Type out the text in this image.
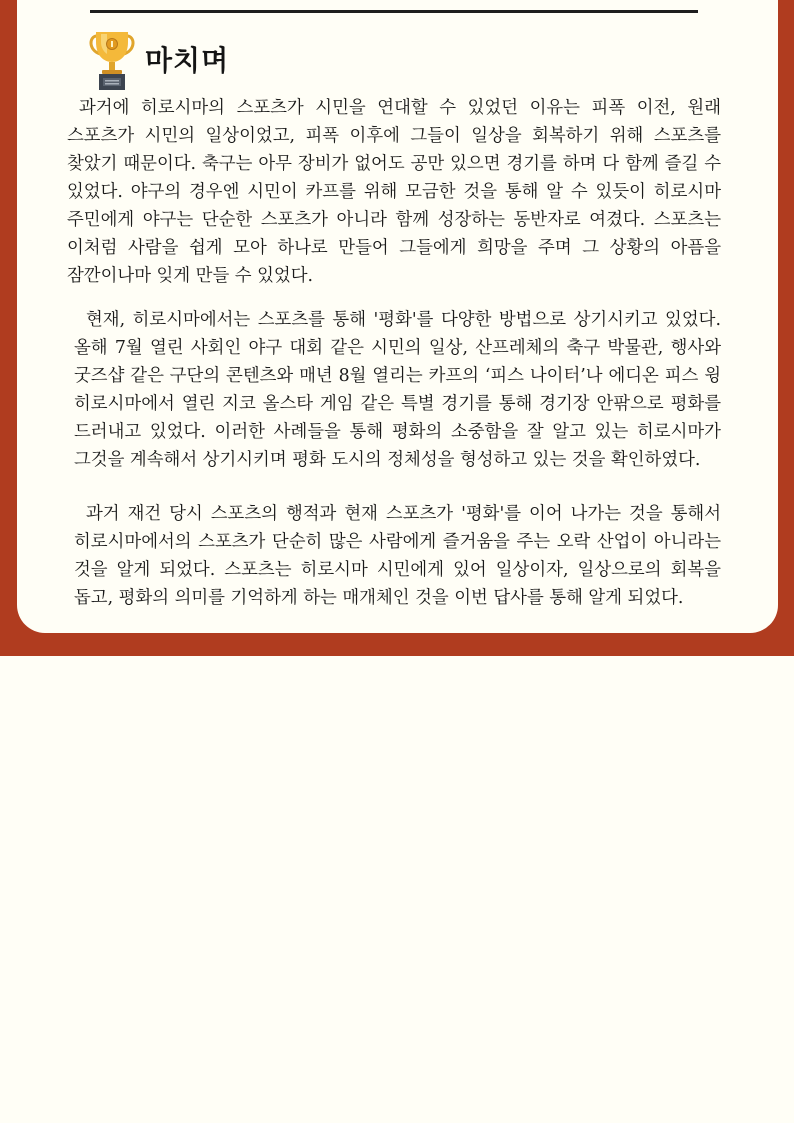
마치며

과거에 히로시마의 스포츠가 시민을 연대할 수 있었던 이유는 피폭 이전, 원래 스포츠가 시민의 일상이었고, 피폭 이후에 그들이 일상을 회복하기 위해 스포츠를 찾았기 때문이다. 축구는 아무 장비가 없어도 공만 있으면 경기를 하며 다 함께 즐길 수 있었다. 야구의 경우엔 시민이 카프를 위해 모금한 것을 통해 알 수 있듯이 히로시마 주민에게 야구는 단순한 스포츠가 아니라 함께 성장하는 동반자로 여겼다. 스포츠는 이처럼 사람을 쉽게 모아 하나로 만들어 그들에게 희망을 주며 그 상황의 아픔을 잠깐이나마 잊게 만들 수 있었다.

현재, 히로시마에서는 스포츠를 통해 '평화'를 다양한 방법으로 상기시키고 있었다. 올해 7월 열린 사회인 야구 대회 같은 시민의 일상, 산프레체의 축구 박물관, 행사와 굿즈샵 같은 구단의 콘텐츠와 매년 8월 열리는 카프의 ‘피스 나이터’나 에디온 피스 윙 히로시마에서 열린 지코 올스타 게임 같은 특별 경기를 통해 경기장 안팎으로 평화를 드러내고 있었다. 이러한 사례들을 통해 평화의 소중함을 잘 알고 있는 히로시마가 그것을 계속해서 상기시키며 평화 도시의 정체성을 형성하고 있는 것을 확인하였다.

과거 재건 당시 스포츠의 행적과 현재 스포츠가 '평화'를 이어 나가는 것을 통해서 히로시마에서의 스포츠가 단순히 많은 사람에게 즐거움을 주는 오락 산업이 아니라는 것을 알게 되었다. 스포츠는 히로시마 시민에게 있어 일상이자, 일상으로의 회복을 돕고, 평화의 의미를 기억하게 하는 매개체인 것을 이번 답사를 통해 알게 되었다.
